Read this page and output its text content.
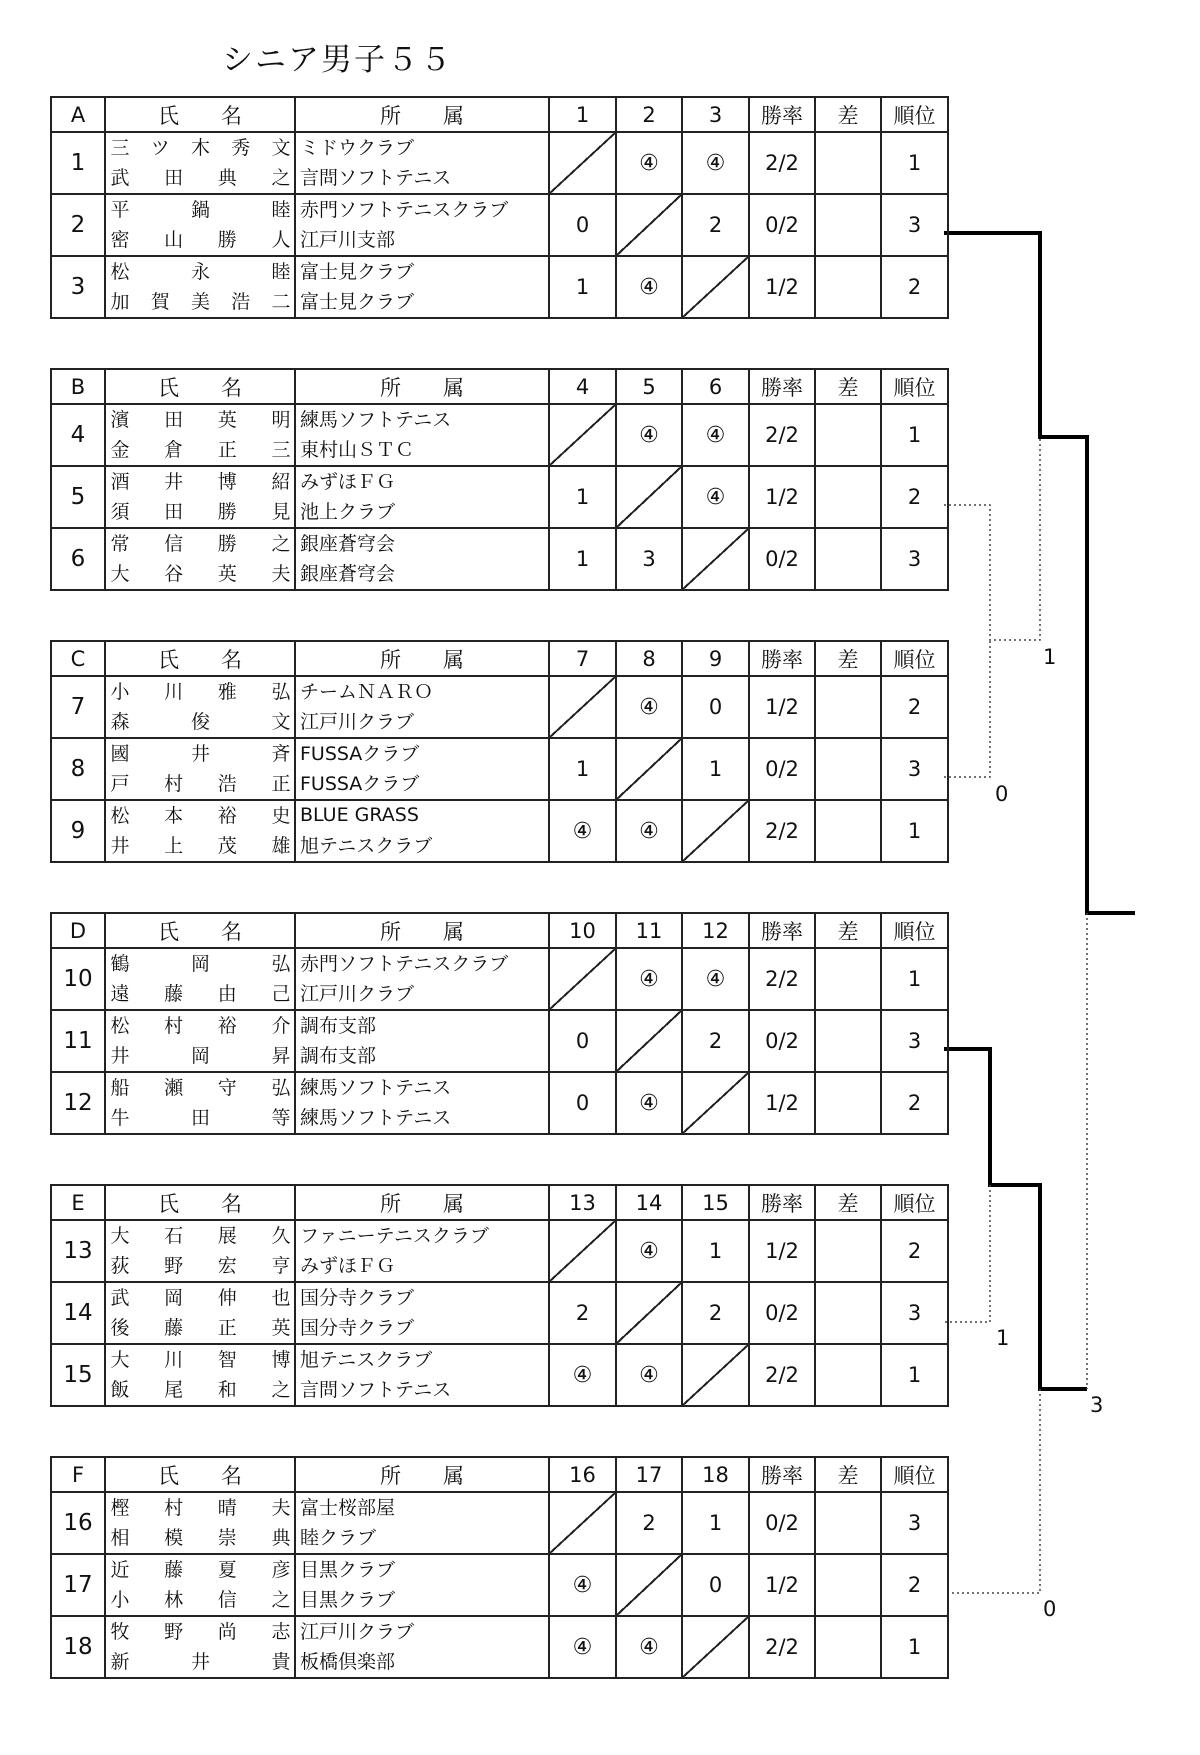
シニア男子５５
1
0
1
3
0
A	氏　　名	所　　属	1	2	3	勝率	差	順位
1	三 ツ 木 秀 文	ミドウクラブ		④	④	2/2		1

	武 田 典 之	言問ソフトテニス						
2	平 鍋 睦	赤門ソフトテニスクラブ	0		2	0/2		3

	密 山 勝 人	江戸川支部						
3	松 永 睦	富士見クラブ	1	④		1/2		2

	加 賀 美 浩 二	富士見クラブ						
B	氏　　名	所　　属	4	5	6	勝率	差	順位
4	濱 田 英 明	練馬ソフトテニス		④	④	2/2		1

	金 倉 正 三	東村山ＳＴＣ						
5	酒 井 博 紹	みずほＦＧ	1		④	1/2		2

	須 田 勝 見	池上クラブ						
6	常 信 勝 之	銀座蒼穹会	1	3		0/2		3

	大 谷 英 夫	銀座蒼穹会						
C	氏　　名	所　　属	7	8	9	勝率	差	順位
7	小 川 雅 弘	チームＮＡＲＯ		④	0	1/2		2

	森 俊 文	江戸川クラブ						
8	國 井 斉	FUSSAクラブ	1		1	0/2		3

	戸 村 浩 正	FUSSAクラブ						
9	松 本 裕 史	BLUE GRASS	④	④		2/2		1

	井 上 茂 雄	旭テニスクラブ						
D	氏　　名	所　　属	10	11	12	勝率	差	順位
10	鶴 岡 弘	赤門ソフトテニスクラブ		④	④	2/2		1

	遠 藤 由 己	江戸川クラブ						
11	松 村 裕 介	調布支部	0		2	0/2		3

	井 岡 昇	調布支部						
12	船 瀬 守 弘	練馬ソフトテニス	0	④		1/2		2

	牛 田 等	練馬ソフトテニス						
E	氏　　名	所　　属	13	14	15	勝率	差	順位
13	大 石 展 久	ファニーテニスクラブ		④	1	1/2		2

	荻 野 宏 亨	みずほＦＧ						
14	武 岡 伸 也	国分寺クラブ	2		2	0/2		3

	後 藤 正 英	国分寺クラブ						
15	大 川 智 博	旭テニスクラブ	④	④		2/2		1

	飯 尾 和 之	言問ソフトテニス						
F	氏　　名	所　　属	16	17	18	勝率	差	順位
16	樫 村 晴 夫	富士桜部屋		2	1	0/2		3

	相 模 崇 典	睦クラブ						
17	近 藤 夏 彦	目黒クラブ	④		0	1/2		2

	小 林 信 之	目黒クラブ						
18	牧 野 尚 志	江戸川クラブ	④	④		2/2		1

	新 井 貴	板橋倶楽部						
